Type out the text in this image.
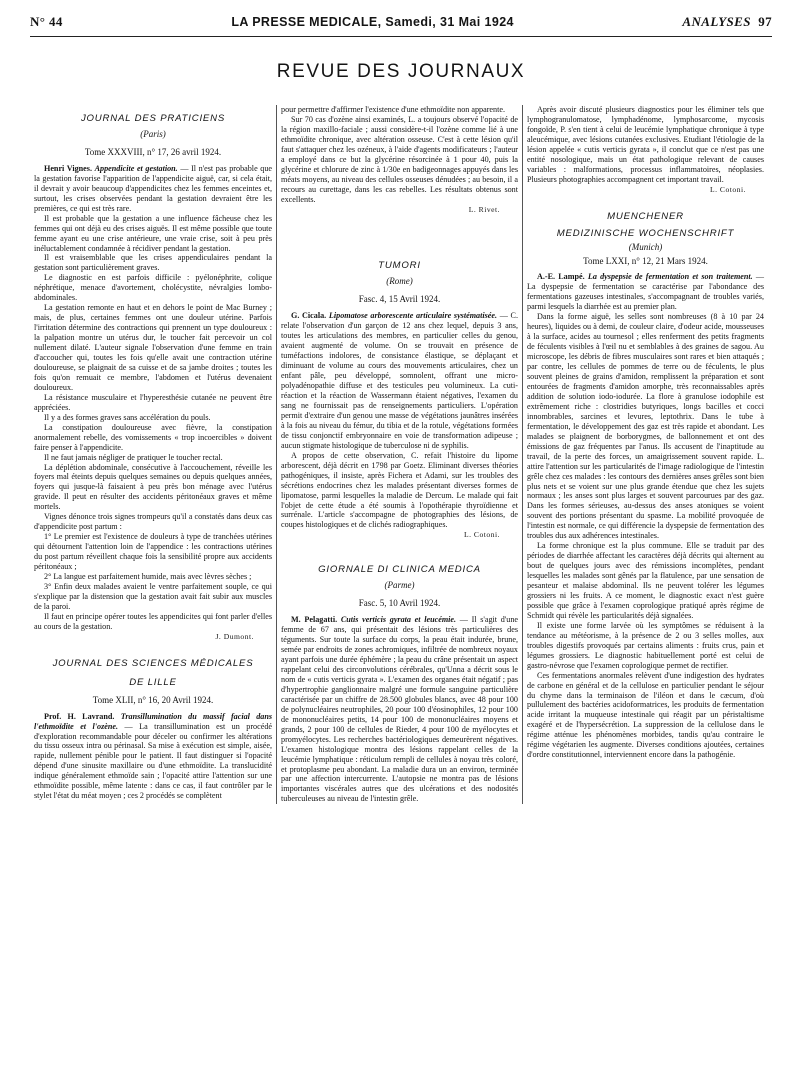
N° 44	LA PRESSE MEDICALE, Samedi, 31 Mai 1924	ANALYSES 97
REVUE DES JOURNAUX
JOURNAL DES PRATICIENS
(Paris)
Tome XXXVIII, n° 17, 26 avril 1924.

Henri Vignes. Appendicite et gestation. — Il n'est pas probable que la gestation favorise l'apparition de l'appendicite aiguë, car, si cela était, il devrait y avoir beaucoup d'appendicites chez les femmes enceintes et, surtout, les crises observées pendant la gestation devraient être les premières, ce qui est très rare.

Il est probable que la gestation a une influence fâcheuse chez les femmes qui ont déjà eu des crises aiguës. Il est même possible que toute femme ayant eu une crise antérieure, une vraie crise, soit à peu près inéluctablement condamnée à récidiver pendant la gestation.

Il est vraisemblable que les crises appendiculaires pendant la gestation sont particulièrement graves.

Le diagnostic en est parfois difficile : pyélonéphrite, colique néphrétique, menace d'avortement, cholécystite, névralgies lombo-abdominales.

La gestation remonte en haut et en dehors le point de Mac Burney ; mais, de plus, certaines femmes ont une douleur utérine. Parfois l'irritation détermine des contractions qui prennent un type douloureux : la palpation montre un utérus dur, le toucher fait percevoir un col nullement dilaté. L'auteur signale l'observation d'une femme en train d'accoucher qui, toutes les fois qu'elle avait une contraction utérine douloureuse, se plaignait de sa cuisse et de sa jambe droites ; toutes les fois qu'on remuait ce membre, l'abdomen et l'utérus devenaient douloureux.

La résistance musculaire et l'hyperesthésie cutanée ne peuvent être appréciées.

Il y a des formes graves sans accélération du pouls.

La constipation douloureuse avec fièvre, la constipation anormalement rebelle, des vomissements « trop incoercibles » doivent faire penser à l'appendicite.

Il ne faut jamais négliger de pratiquer le toucher rectal.

La déplétion abdominale, consécutive à l'accouchement, réveille les foyers mal éteints depuis quelques semaines ou depuis quelques années, foyers qui jusque-là faisaient à peu près bon ménage avec l'utérus gravide. Il peut en résulter des accidents péritonéaux graves et même mortels.

Vignes dénonce trois signes trompeurs qu'il a constatés dans deux cas d'appendicite post partum :

1° Le premier est l'existence de douleurs à type de tranchées utérines qui détournent l'attention loin de l'appendice : les contractions utérines du post partum réveillent chaque fois la sensibilité propre aux accidents péritonéaux ;

2° La langue est parfaitement humide, mais avec lèvres sèches ;

3° Enfin deux malades avaient le ventre parfaitement souple, ce qui s'explique par la distension que la gestation avait fait subir aux muscles de la paroi.

Il faut en principe opérer toutes les appendicites qui font parler d'elles au cours de la gestation.

J. Dumont.
JOURNAL DES SCIENCES MÉDICALES
DE LILLE
Tome XLII, n° 16, 20 Avril 1924.

Prof. H. Lavrand. Transillumination du massif facial dans l'ethmoïdite et l'ozène. — La transillumination est un procédé d'exploration recommandable pour déceler ou confirmer les altérations du tissu osseux intra ou périnasal. Sa mise à exécution est simple, aisée, rapide, nullement pénible pour le patient. Il faut distinguer si l'opacité dépend d'une sinusite maxillaire ou d'une ethmoïdite. La translucidité indique généralement ethmoïde sain ; l'opacité attire l'attention sur une ethmoïdite possible, même latente : dans ce cas, il faut contrôler par le stylet l'état du méat moyen ; ces 2 procédés se complètent

pour permettre d'affirmer l'existence d'une ethmoïdite non apparente.

Sur 70 cas d'ozène ainsi examinés, L. a toujours observé l'opacité de la région maxillo-faciale ; aussi considère-t-il l'ozène comme lié à une ethmoïdite chronique, avec altération osseuse. C'est à cette lésion qu'il faut s'attaquer chez les ozéneux, à l'aide d'agents modificateurs ; l'auteur a employé dans ce but la glycérine résorcinée à 1 pour 40, puis la glycérine et chlorure de zinc à 1/30e en badigeonnages appuyés dans les méats moyens, au niveau des cellules osseuses dénudées ; au besoin, il a recours au curettage, dans les cas rebelles. Les résultats obtenus sont excellents.

L. Rivet.
TUMORI
(Rome)
Fasc. 4, 15 Avril 1924.

G. Cicala. Lipomatose arborescente articulaire systématisée. — C. relate l'observation d'un garçon de 12 ans chez lequel, depuis 3 ans, toutes les articulations des membres, en particulier celles du genou, avaient augmenté de volume. On se trouvait en présence de tuméfactions indolores, de consistance élastique, se déplaçant et diminuant de volume au cours des mouvements articulaires, chez un enfant pâle, peu développé, somnolent, offrant une micro-polyadénopathie diffuse et des testicules peu volumineux. La cuti-réaction et la réaction de Wassermann étaient négatives, l'examen du sang ne fournissait pas de renseignements particuliers. L'opération permit d'extraire d'un genou une masse de végétations jaunâtres insérées à la fois au niveau du fémur, du tibia et de la rotule, végétations formées de tissu conjonctif embryonnaire en voie de transformation adipeuse ; aucun stigmate histologique de tuberculose ni de syphilis.

A propos de cette observation, C. refait l'histoire du lipome arborescent, déjà décrit en 1798 par Goetz. Eliminant diverses théories pathogéniques, il insiste, après Fichera et Adami, sur les troubles des sécrétions endocrines chez les malades présentant diverses formes de lipomatose, parmi lesquelles la maladie de Dercum. Le malade qui fait l'objet de cette étude a été soumis à l'opothérapie thyroïdienne et surrénale. L'article s'accompagne de photographies des lésions, de coupes histologiques et de clichés radiographiques.

L. Cotoni.
GIORNALE DI CLINICA MEDICA
(Parme)
Fasc. 5, 10 Avril 1924.

M. Pelagatti. Cutis verticis gyrata et leucémie. — Il s'agit d'une femme de 67 ans, qui présentait des lésions très particulières des téguments. Sur toute la surface du corps, la peau était indurée, brune, semée par endroits de zones achromiques, infiltrée de nombreux noyaux ayant parfois une durée éphémère ; la peau du crâne présentait un aspect rappelant celui des circonvolutions cérébrales, qu'Unna a décrit sous le nom de « cutis verticis gyrata ». L'examen des organes était négatif ; pas d'hypertrophie ganglionnaire malgré une formule sanguine particulière caractérisée par un chiffre de 28.500 globules blancs, avec 48 pour 100 de polynucléaires neutrophiles, 20 pour 100 d'éosinophiles, 12 pour 100 de mononucléaires petits, 14 pour 100 de mononucléaires moyens et grands, 2 pour 100 de cellules de Rieder, 4 pour 100 de myélocytes et promyélocytes. Les recherches bactériologiques demeurèrent négatives. L'examen histologique montra des lésions rappelant celles de la leucémie lymphatique : réticulum rempli de cellules à noyau très coloré, et protoplasme peu abondant. La maladie dura un an environ, terminée par une affection intercurrente. L'autopsie ne montra pas de lésions importantes viscérales autres que des ulcérations et des nodosités tuberculeuses au niveau de l'intestin grêle.

Après avoir discuté plusieurs diagnostics pour les éliminer tels que lymphogranulomatose, lymphadénome, lymphosarcome, mycosis fongoïde, P. s'en tient à celui de leucémie lymphatique chronique à type aleucémique, avec lésions cutanées exclusives. Etudiant l'étiologie de la lésion appelée « cutis verticis gyrata », il conclut que ce n'est pas une entité nosologique, mais un état pathologique relevant de causes variables : malformations, processus inflammatoires, néoplasies. Plusieurs photographies accompagnent cet important travail.

L. Cotoni.
MUENCHENER
MEDIZINISCHE WOCHENSCHRIFT
(Munich)
Tome LXXI, n° 12, 21 Mars 1924.

A.-E. Lampé. La dyspepsie de fermentation et son traitement. — La dyspepsie de fermentation se caractérise par l'abondance des fermentations gazeuses intestinales, s'accompagnant de troubles variés, parmi lesquels la diarrhée est au premier plan.

Dans la forme aiguë, les selles sont nombreuses (8 à 10 par 24 heures), liquides ou à demi, de couleur claire, d'odeur acide, mousseuses à la surface, acides au tournesol ; elles renferment des petits fragments de féculents visibles à l'œil nu et semblables à des graines de sagou. Au microscope, les débris de fibres musculaires sont rares et bien attaqués ; par contre, les cellules de pommes de terre ou de féculents, le plus souvent pleines de grains d'amidon, remplissent la préparation et sont entourées de fragments d'amidon amorphe, très reconnaissables après addition de solution iodo-iodurée. La flore à granulose iodophile est extrêmement riche : clostridies butyriques, longs bacilles et cocci innombrables, sarcines et levures, leptothrix. Dans le tube à fermentation, le développement des gaz est très rapide et abondant. Les malades se plaignent de borborygmes, de ballonnement et ont des émissions de gaz fréquentes par l'anus. Ils accusent de l'inaptitude au travail, de la perte des forces, un amaigrissement souvent rapide. L. attire l'attention sur les particularités de l'image radiologique de l'intestin grêle chez ces malades : les contours des dernières anses grêles sont bien plus nets et se voient sur une plus grande étendue que chez les sujets normaux ; les anses sont plus larges et souvent parcourues par des gaz. Dans les formes sérieuses, au-dessus des anses atoniques se voient souvent des portions présentant du spasme. La mobilité provoquée de l'intestin est normale, ce qui différencie la dyspepsie de fermentation des troubles dus aux adhérences intestinales.

La forme chronique est la plus commune. Elle se traduit par des périodes de diarrhée affectant les caractères déjà décrits qui alternent au bout de quelques jours avec des rémissions incomplètes, pendant lesquelles les malades sont gênés par la flatulence, par une sensation de pesanteur et malaise abdominal. Ils ne peuvent tolérer les légumes grossiers ni les fruits. A ce moment, le diagnostic exact n'est guère possible que grâce à l'examen coprologique pratiqué après régime de Schmidt qui révèle les particularités déjà signalées.

Il existe une forme larvée où les symptômes se réduisent à la tendance au météorisme, à la présence de 2 ou 3 selles molles, aux troubles digestifs provoqués par certains aliments : fruits crus, pain et légumes grossiers. Le diagnostic habituellement porté est celui de gastro-névrose que l'examen coprologique permet de rectifier.

Ces fermentations anormales relèvent d'une indigestion des hydrates de carbone en général et de la cellulose en particulier pendant le séjour du chyme dans la terminaison de l'iléon et dans le cæcum, d'où pullulement des bactéries acidoformatrices, les produits de fermentation acide irritant la muqueuse intestinale qui réagit par un péristaltisme exagéré et de l'hypersécrétion. La suppression de la cellulose dans le régime atténue les phénomènes morbides, tandis qu'au contraire le régime végétarien les augmente. Diverses conditions ajoutées, certaines d'ordre constitutionnel, interviennent encore dans la pathogénie.
